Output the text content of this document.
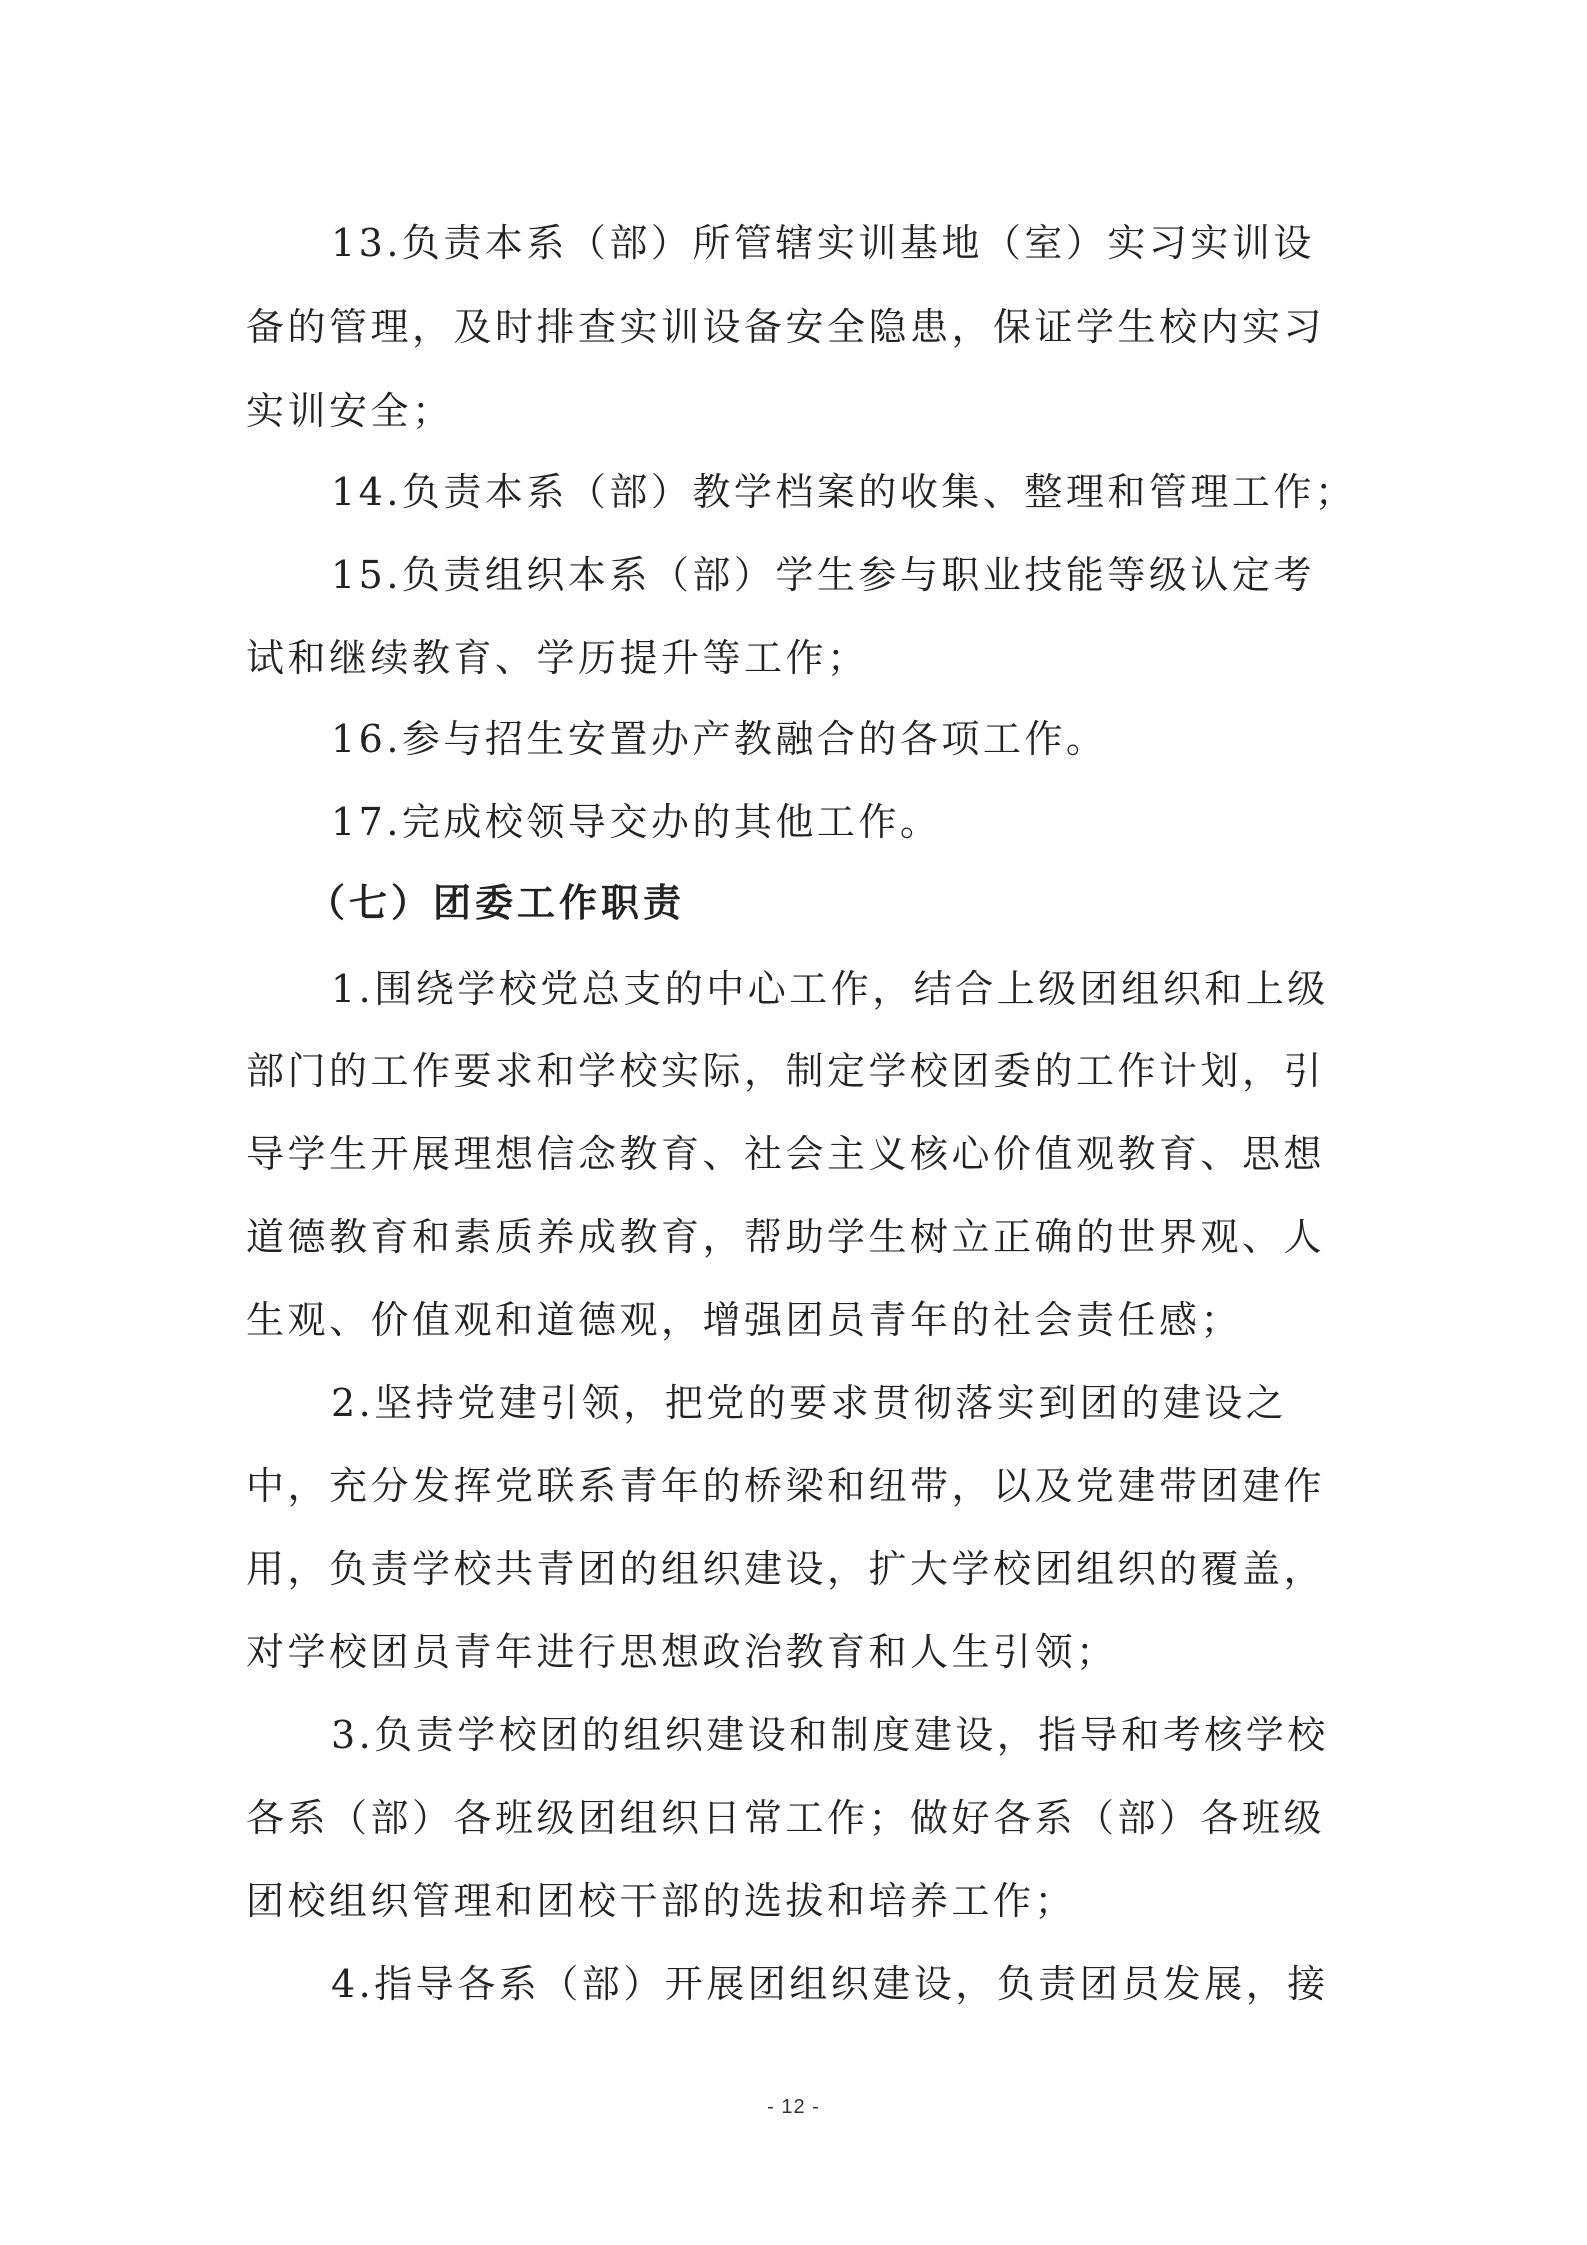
13.负责本系（部）所管辖实训基地（室）实习实训设

备的管理，及时排查实训设备安全隐患，保证学生校内实习

实训安全；

14.负责本系（部）教学档案的收集、整理和管理工作；

15.负责组织本系（部）学生参与职业技能等级认定考

试和继续教育、学历提升等工作；

16.参与招生安置办产教融合的各项工作。

17.完成校领导交办的其他工作。

（七）团委工作职责

1.围绕学校党总支的中心工作，结合上级团组织和上级

部门的工作要求和学校实际，制定学校团委的工作计划，引

导学生开展理想信念教育、社会主义核心价值观教育、思想

道德教育和素质养成教育，帮助学生树立正确的世界观、人

生观、价值观和道德观，增强团员青年的社会责任感；

2.坚持党建引领，把党的要求贯彻落实到团的建设之

中，充分发挥党联系青年的桥梁和纽带，以及党建带团建作

用，负责学校共青团的组织建设，扩大学校团组织的覆盖，

对学校团员青年进行思想政治教育和人生引领；

3.负责学校团的组织建设和制度建设，指导和考核学校

各系（部）各班级团组织日常工作；做好各系（部）各班级

团校组织管理和团校干部的选拔和培养工作；

4.指导各系（部）开展团组织建设，负责团员发展，接

- 12 -
